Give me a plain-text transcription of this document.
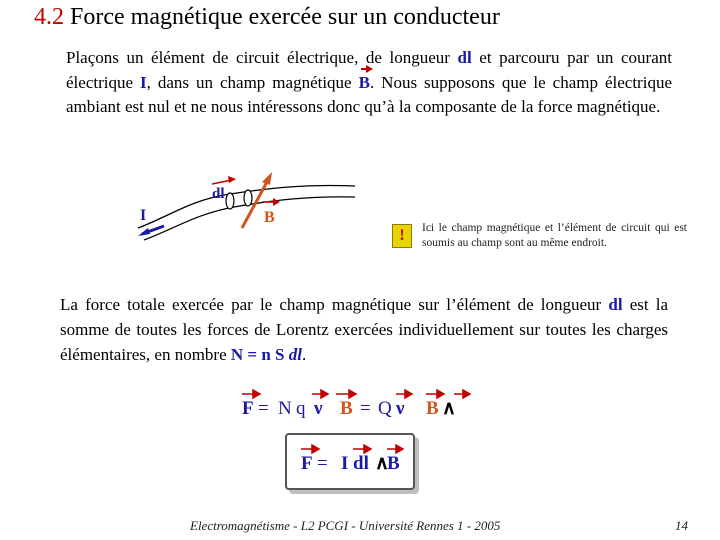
4.2 Force magnétique exercée sur un conducteur
Plaçons un élément de circuit électrique, de longueur dl et parcouru par un courant électrique I, dans un champ magnétique B. Nous supposons que le champ électrique ambiant est nul et ne nous intéressons donc qu’à la composante de la force magnétique.
dl
I	B
!	Ici le champ magnétique et l’élément de circuit qui est soumis au champ sont au même endroit.
La force totale exercée par le champ magnétique sur l’élément de longueur dl est la somme de toutes les forces de Lorentz exercées individuellement sur toutes les charges élémentaires, en nombre N = n S dl.
F = N q ν B = Q ν B ∧
F = I dl ∧
B
Electromagnétisme - L2 PCGI - Université Rennes 1 - 2005	14
